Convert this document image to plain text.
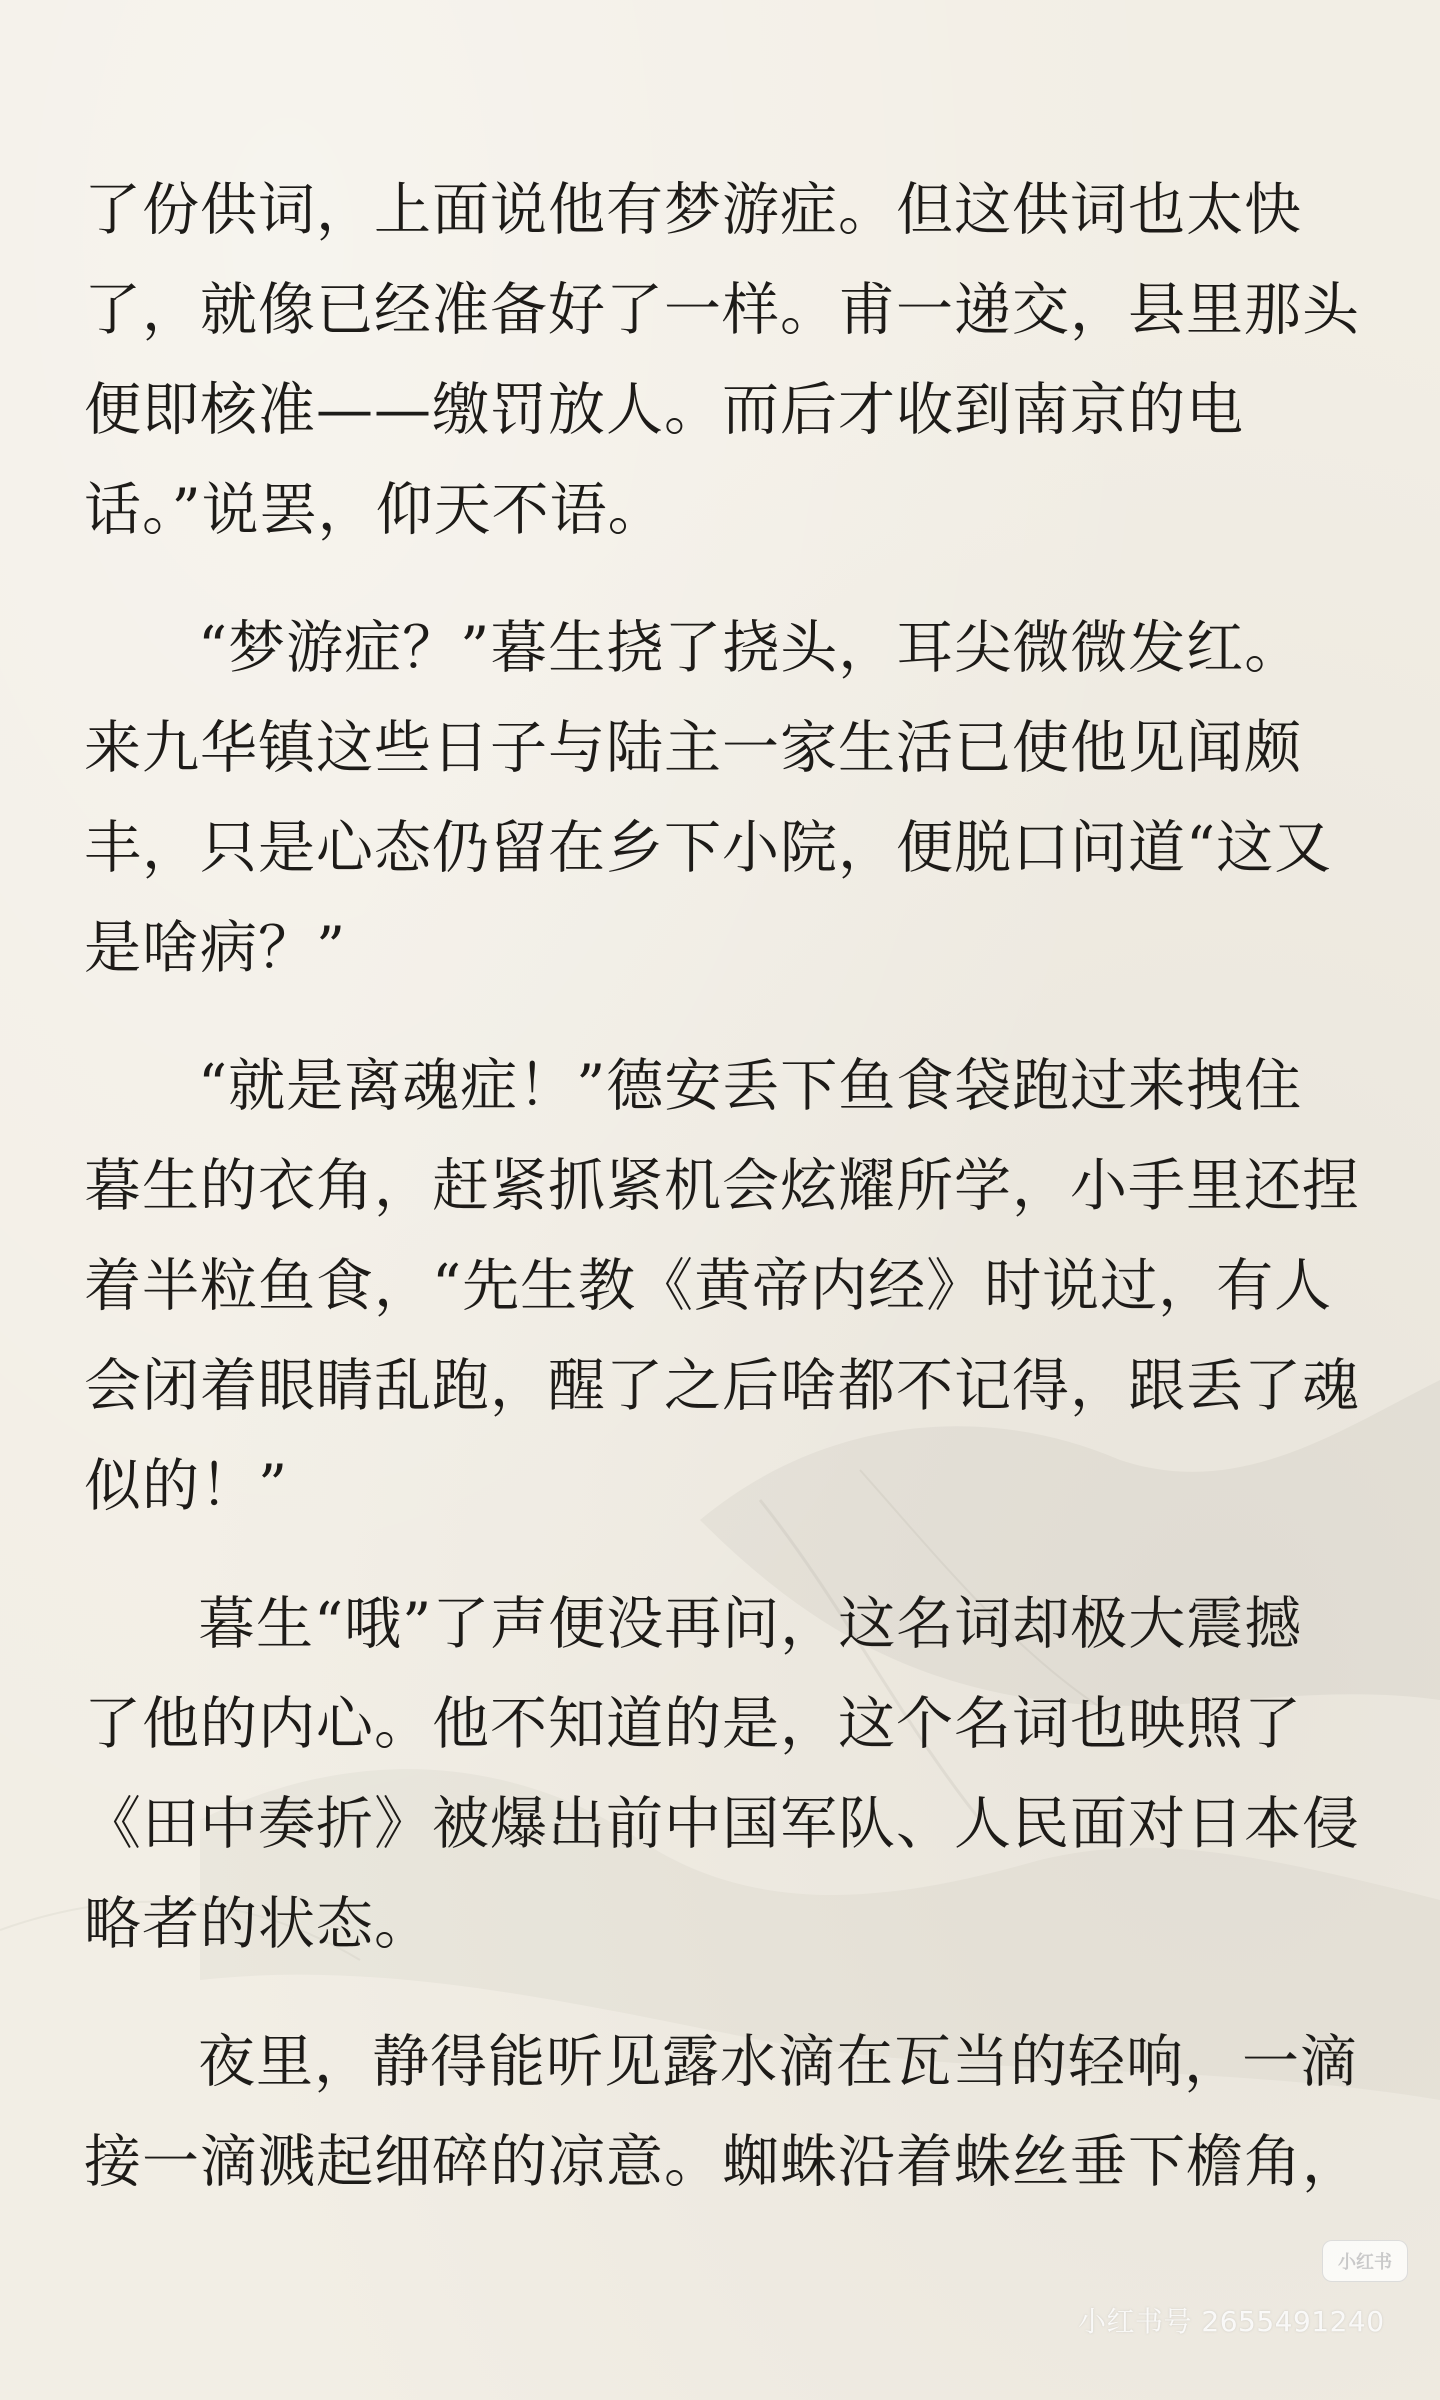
了份供词，上面说他有梦游症。但这供词也太快
了，就像已经准备好了一样。甫一递交，县里那头
便即核准——缴罚放人。而后才收到南京的电
话。”说罢，仰天不语。

“梦游症？”暮生挠了挠头，耳尖微微发红。
来九华镇这些日子与陆主一家生活已使他见闻颇
丰，只是心态仍留在乡下小院，便脱口问道“这又
是啥病？”

“就是离魂症！”德安丢下鱼食袋跑过来拽住
暮生的衣角，赶紧抓紧机会炫耀所学，小手里还捏
着半粒鱼食，“先生教《黄帝内经》时说过，有人
会闭着眼睛乱跑，醒了之后啥都不记得，跟丢了魂
似的！”

暮生“哦”了声便没再问，这名词却极大震撼
了他的内心。他不知道的是，这个名词也映照了
《田中奏折》被爆出前中国军队、人民面对日本侵
略者的状态。

夜里，静得能听见露水滴在瓦当的轻响，一滴
接一滴溅起细碎的凉意。蜘蛛沿着蛛丝垂下檐角，

小红书
小红书号 2655491240
